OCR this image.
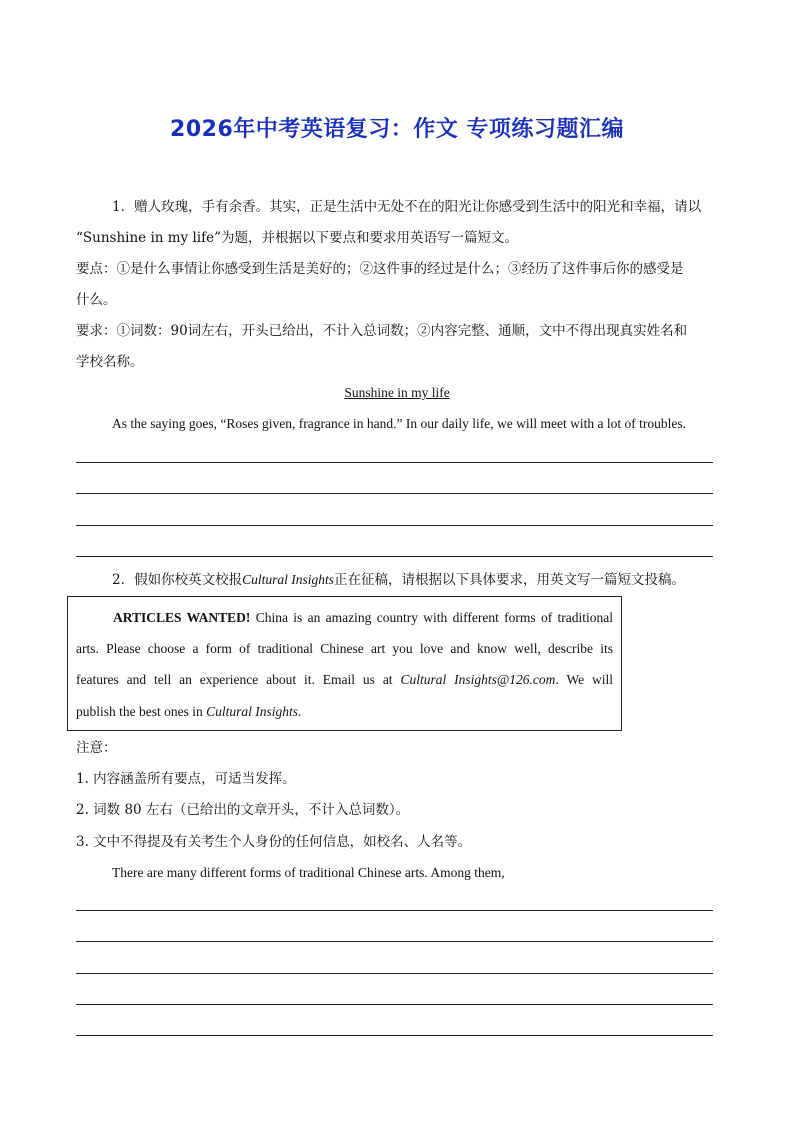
2026年中考英语复习：作文 专项练习题汇编
1．赠人玫瑰，手有余香。其实，正是生活中无处不在的阳光让你感受到生活中的阳光和幸福，请以
“Sunshine in my life”为题，并根据以下要点和要求用英语写一篇短文。
要点：①是什么事情让你感受到生活是美好的；②这件事的经过是什么；③经历了这件事后你的感受是
什么。
要求：①词数：90词左右，开头已给出，不计入总词数；②内容完整、通顺，文中不得出现真实姓名和
学校名称。
Sunshine in my life
As the saying goes, “Roses given, fragrance in hand.” In our daily life, we will meet with a lot of troubles.
2．假如你校英文校报Cultural Insights正在征稿，请根据以下具体要求，用英文写一篇短文投稿。
ARTICLES WANTED! China is an amazing country with different forms of traditional
arts. Please choose a form of traditional Chinese art you love and know well, describe its
features and tell an experience about it. Email us at Cultural Insights@126.com. We will
publish the best ones in Cultural Insights.
注意：
1. 内容涵盖所有要点，可适当发挥。
2. 词数 80 左右（已给出的文章开头，不计入总词数）。
3. 文中不得提及有关考生个人身份的任何信息，如校名、人名等。
There are many different forms of traditional Chinese arts. Among them,
